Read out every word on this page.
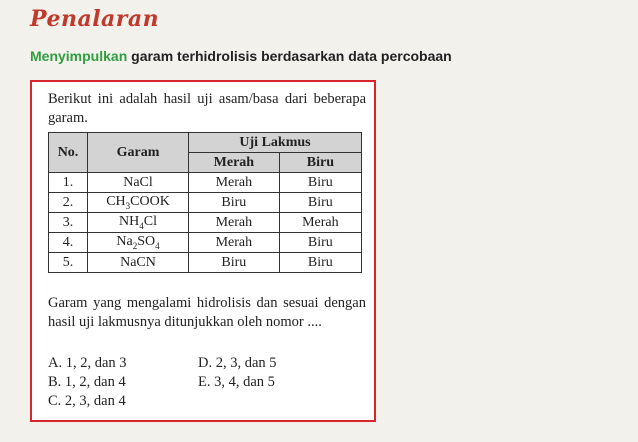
Penalaran
Menyimpulkan garam terhidrolisis berdasarkan data percobaan
Berikut ini adalah hasil uji asam/basa dari beberapa garam.
No.	Garam	Uji Lakmus	
		Merah	Biru
1.	NaCl	Merah	Biru
2.	$CH_3COOK$	Biru	Biru
3.	$NH_4Cl$	Merah	Merah
4.	$Na_2SO_4$	Merah	Biru
5.	NaCN	Biru	Biru
Garam yang mengalami hidrolisis dan sesuai dengan hasil uji lakmusnya ditunjukkan oleh nomor ....
A. 1, 2, dan 3	D. 2, 3, dan 5
B. 1, 2, dan 4	E. 3, 4, dan 5
C. 2, 3, dan 4
